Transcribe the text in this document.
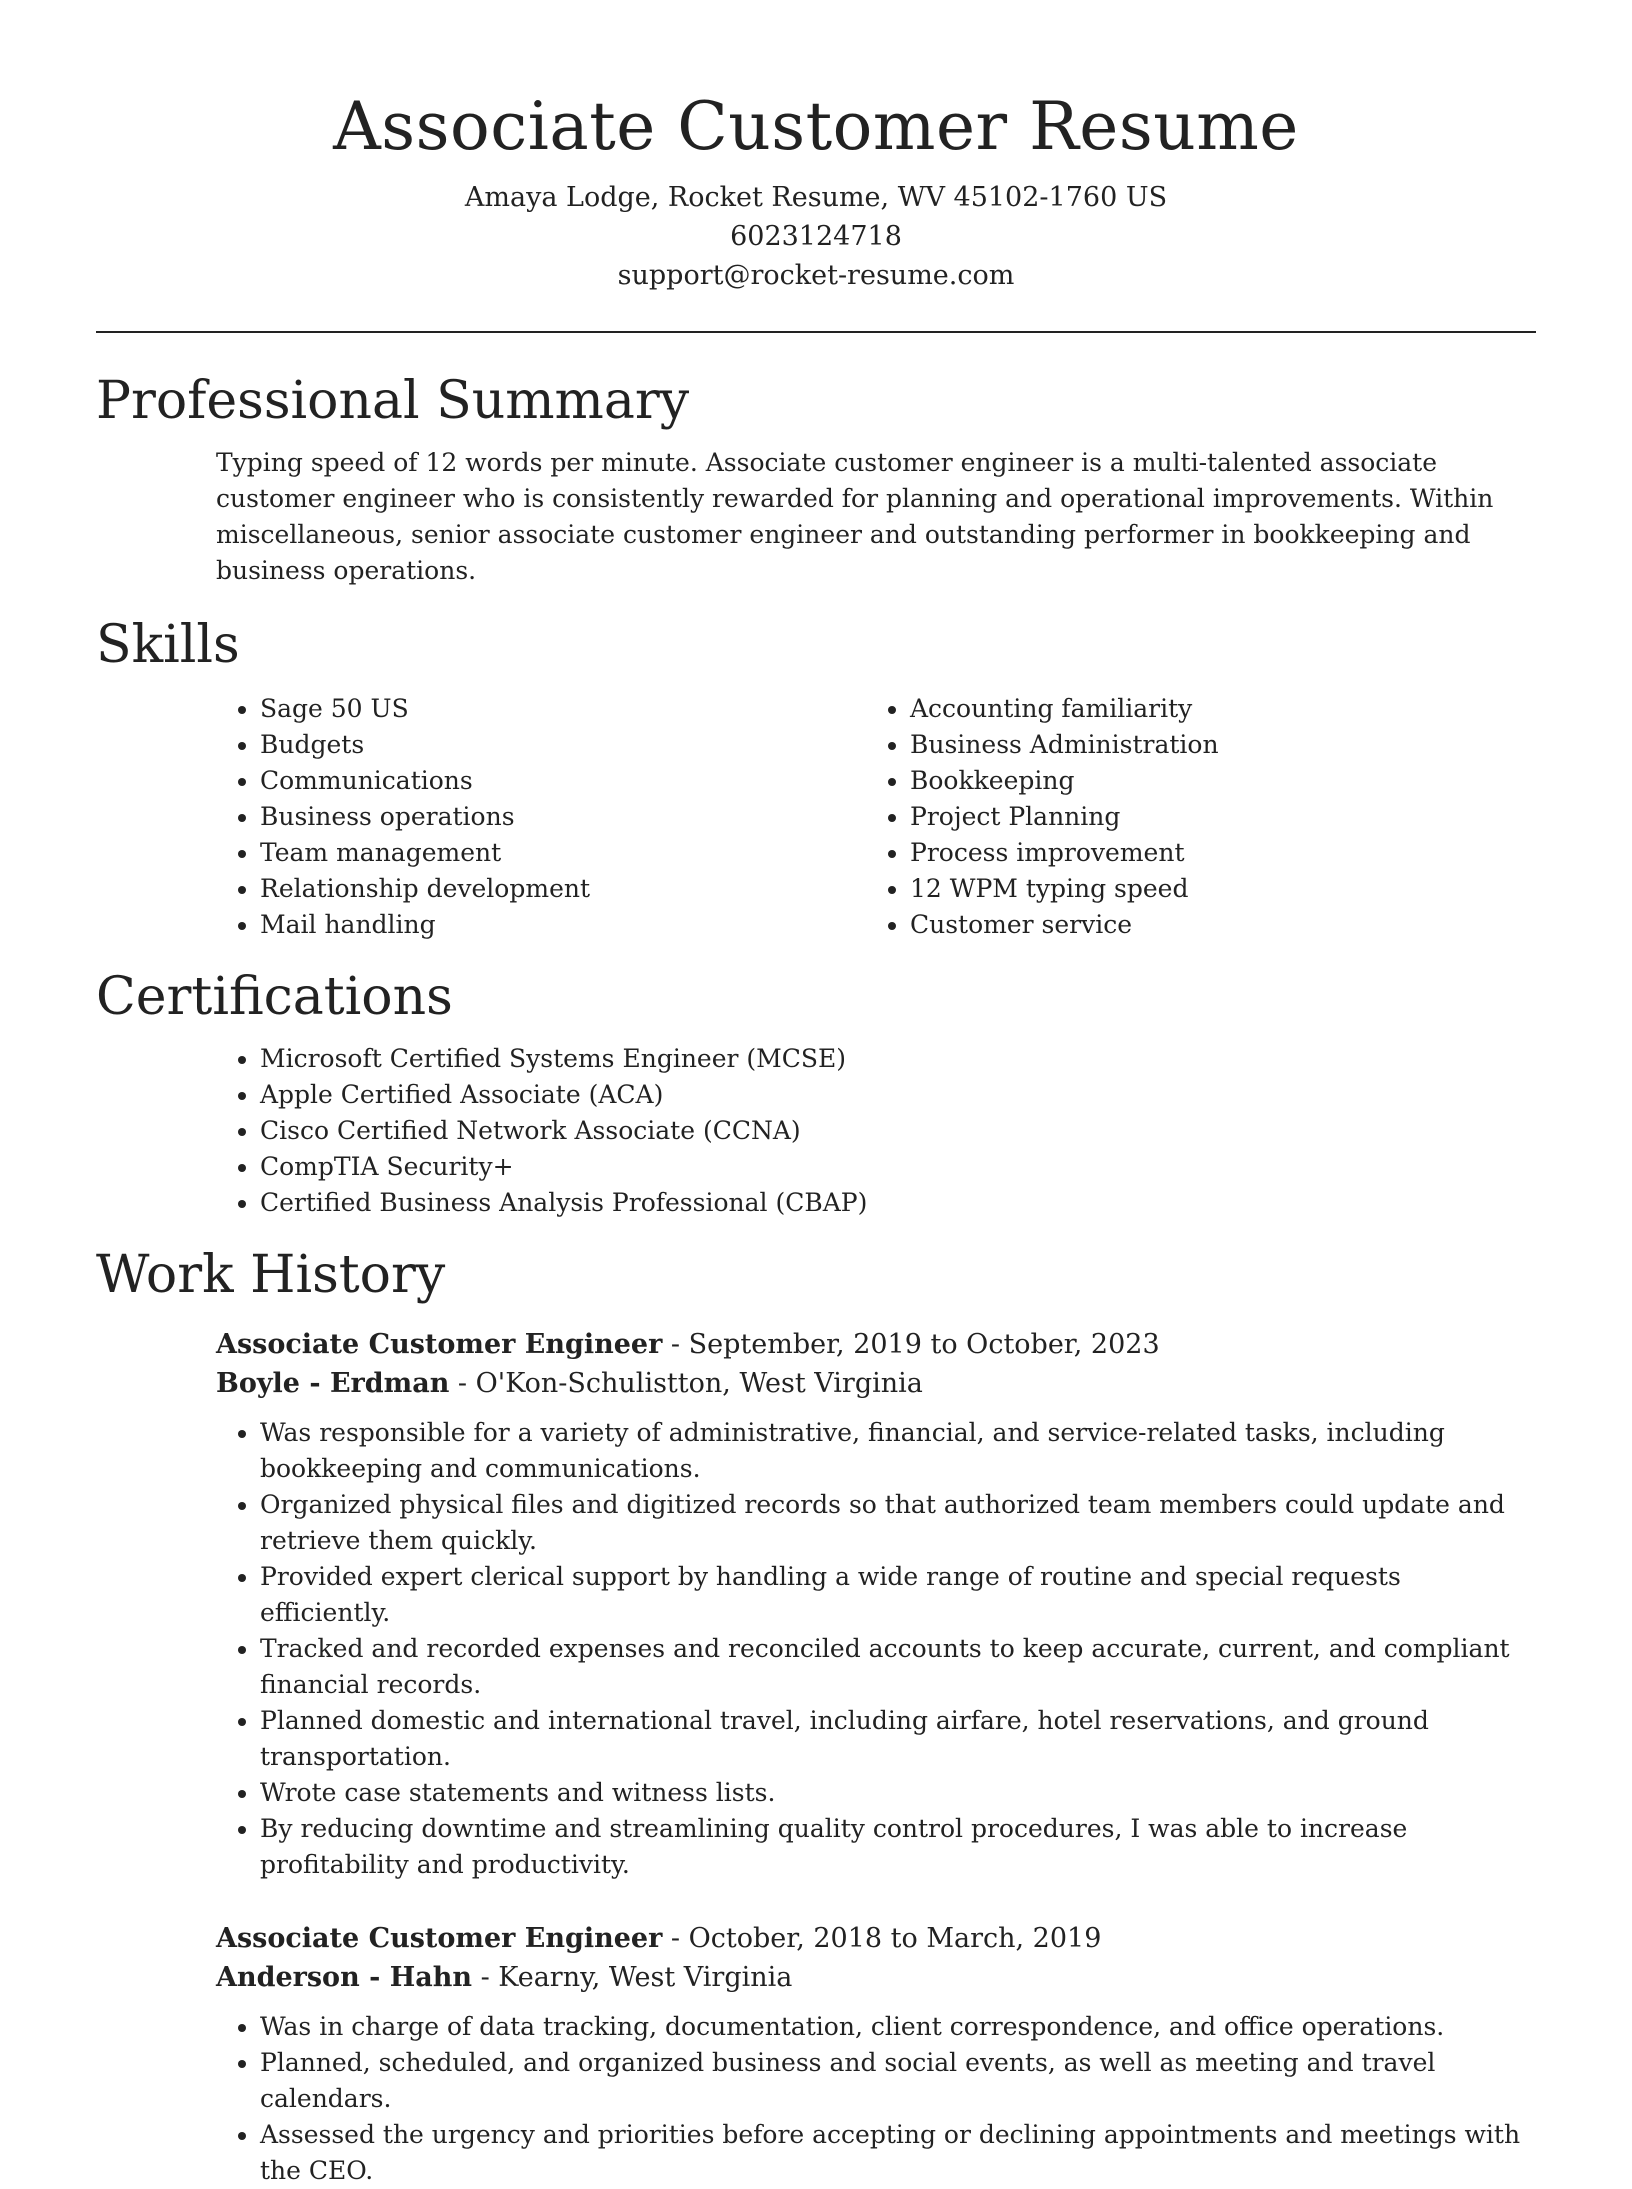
Associate Customer Resume
Amaya Lodge, Rocket Resume, WV 45102-1760 US
6023124718
support@rocket-resume.com
Professional Summary

Typing speed of 12 words per minute. Associate customer engineer is a multi-talented associate customer engineer who is consistently rewarded for planning and operational improvements. Within miscellaneous, senior associate customer engineer and outstanding performer in bookkeeping and business operations.

Skills
• Sage 50 US
• Budgets
• Communications
• Business operations
• Team management
• Relationship development
• Mail handling
• Accounting familiarity
• Business Administration
• Bookkeeping
• Project Planning
• Process improvement
• 12 WPM typing speed
• Customer service
Certifications
• Microsoft Certified Systems Engineer (MCSE)
• Apple Certified Associate (ACA)
• Cisco Certified Network Associate (CCNA)
• CompTIA Security+
• Certified Business Analysis Professional (CBAP)
Work History
Associate Customer Engineer - September, 2019 to October, 2023
Boyle - Erdman - O'Kon-Schulistton, West Virginia
• Was responsible for a variety of administrative, financial, and service-related tasks, including bookkeeping and communications.
• Organized physical files and digitized records so that authorized team members could update and retrieve them quickly.
• Provided expert clerical support by handling a wide range of routine and special requests efficiently.
• Tracked and recorded expenses and reconciled accounts to keep accurate, current, and compliant financial records.
• Planned domestic and international travel, including airfare, hotel reservations, and ground transportation.
• Wrote case statements and witness lists.
• By reducing downtime and streamlining quality control procedures, I was able to increase profitability and productivity.
Associate Customer Engineer - October, 2018 to March, 2019
Anderson - Hahn - Kearny, West Virginia
• Was in charge of data tracking, documentation, client correspondence, and office operations.
• Planned, scheduled, and organized business and social events, as well as meeting and travel calendars.
• Assessed the urgency and priorities before accepting or declining appointments and meetings with the CEO.
